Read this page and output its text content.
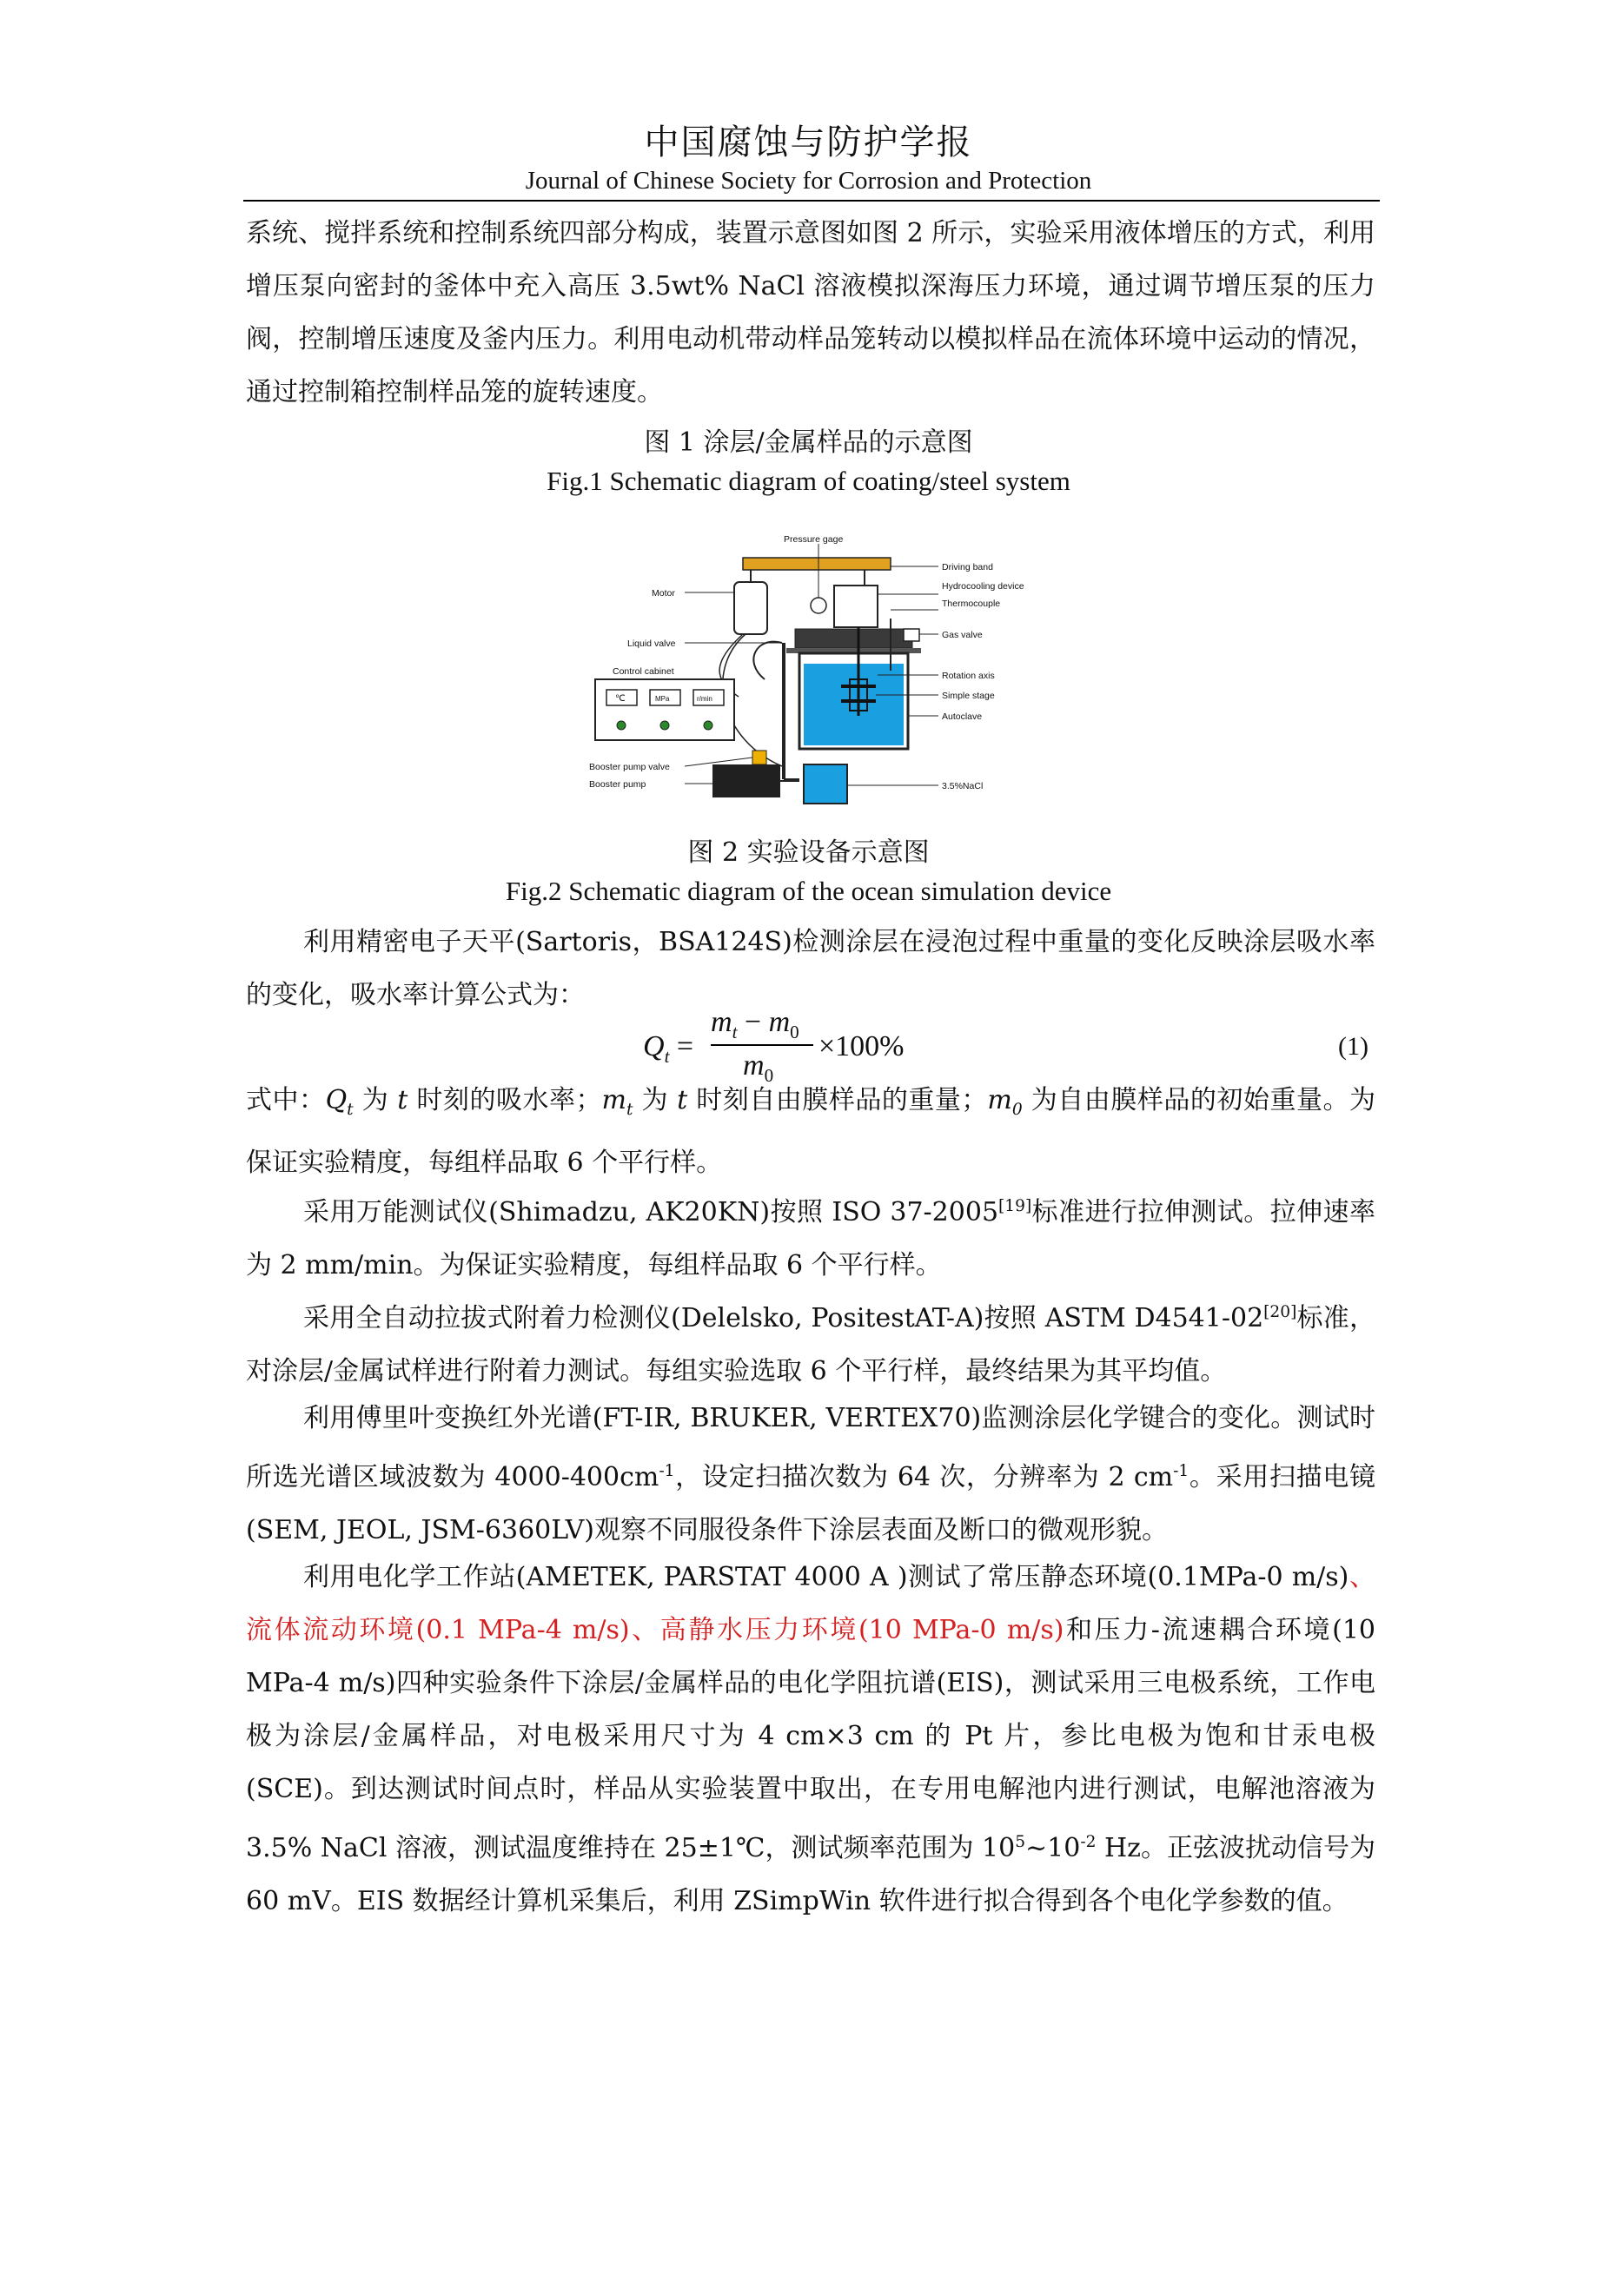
中国腐蚀与防护学报
Journal of Chinese Society for Corrosion and Protection
系统、搅拌系统和控制系统四部分构成，装置示意图如图 2 所示，实验采用液体增压的方式，利用增压泵向密封的釜体中充入高压 3.5wt% NaCl 溶液模拟深海压力环境，通过调节增压泵的压力阀，控制增压速度及釜内压力。利用电动机带动样品笼转动以模拟样品在流体环境中运动的情况，通过控制箱控制样品笼的旋转速度。
图 1 涂层/金属样品的示意图
Fig.1 Schematic diagram of coating/steel system
℃	MPa	r/min
Pressure gage
Driving band
Motor
Hydrocooling device
Thermocouple
Liquid valve
Gas valve
Control cabinet	Rotation axis
Simple stage
Autoclave
Booster pump valve
Booster pump	3.5%NaCl
图 2 实验设备示意图
Fig.2 Schematic diagram of the ocean simulation device
利用精密电子天平(Sartoris，BSA124S)检测涂层在浸泡过程中重量的变化反映涂层吸水率的变化，吸水率计算公式为：
$Q_t$ =
$m_t - m_0$
$m_0$
×100%	(1)
式中：$Q_t$ 为 t 时刻的吸水率；$m_t$ 为 t 时刻自由膜样品的重量；$m_0$ 为自由膜样品的初始重量。为保证实验精度，每组样品取 6 个平行样。
采用万能测试仪(Shimadzu, AK20KN)按照 ISO 37-2005[19]标准进行拉伸测试。拉伸速率为 2 mm/min。为保证实验精度，每组样品取 6 个平行样。
采用全自动拉拔式附着力检测仪(Delelsko, PositestAT-A)按照 ASTM D4541-02[20]标准，对涂层/金属试样进行附着力测试。每组实验选取 6 个平行样，最终结果为其平均值。
利用傅里叶变换红外光谱(FT-IR, BRUKER, VERTEX70)监测涂层化学键合的变化。测试时所选光谱区域波数为 $4000-400cm^{-1}$，设定扫描次数为 64 次，分辨率为 2 $cm^{-1}$。采用扫描电镜(SEM, JEOL, JSM-6360LV)观察不同服役条件下涂层表面及断口的微观形貌。
利用电化学工作站(AMETEK, PARSTAT 4000 A )测试了常压静态环境(0.1MPa-0 m/s)、流体流动环境(0.1 MPa-4 m/s)、高静水压力环境(10 MPa-0 m/s)和压力-流速耦合环境(10 MPa-4 m/s)四种实验条件下涂层/金属样品的电化学阻抗谱(EIS)，测试采用三电极系统，工作电极为涂层/金属样品，对电极采用尺寸为 4 cm×3 cm 的 Pt 片，参比电极为饱和甘汞电极(SCE)。到达测试时间点时，样品从实验装置中取出，在专用电解池内进行测试，电解池溶液为 3.5% NaCl 溶液，测试温度维持在 25±1℃，测试频率范围为 $10^5\sim 10^{-2}$ Hz。正弦波扰动信号为 60 mV。EIS 数据经计算机采集后，利用 ZSimpWin 软件进行拟合得到各个电化学参数的值。
